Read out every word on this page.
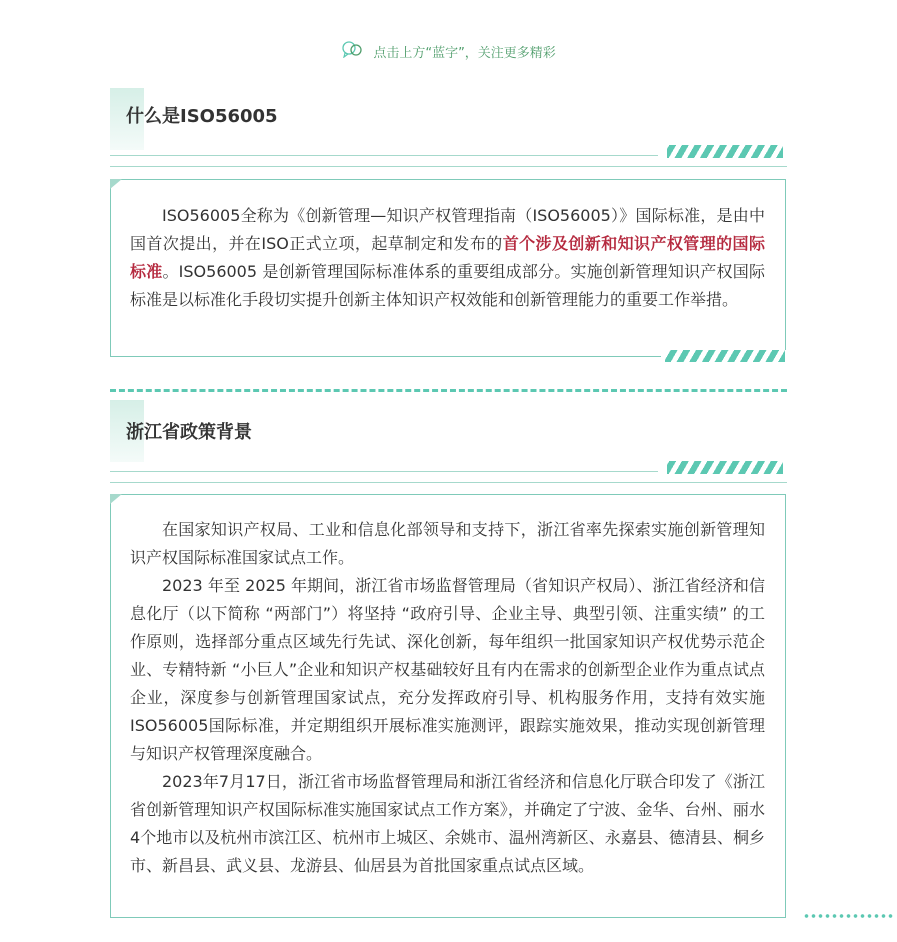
点击上方“蓝字”，关注更多精彩
什么是ISO56005

ISO56005全称为《创新管理—知识产权管理指南（ISO56005）》国际标准，是由中国首次提出，并在ISO正式立项，起草制定和发布的首个涉及创新和知识产权管理的国际标准。ISO56005 是创新管理国际标准体系的重要组成部分。实施创新管理知识产权国际标准是以标准化手段切实提升创新主体知识产权效能和创新管理能力的重要工作举措。

浙江省政策背景

在国家知识产权局、工业和信息化部领导和支持下，浙江省率先探索实施创新管理知识产权国际标准国家试点工作。

2023 年至 2025 年期间，浙江省市场监督管理局（省知识产权局）、浙江省经济和信息化厅（以下简称 “两部门”）将坚持 “政府引导、企业主导、典型引领、注重实绩” 的工作原则，选择部分重点区域先行先试、深化创新，每年组织一批国家知识产权优势示范企业、专精特新 “小巨人”企业和知识产权基础较好且有内在需求的创新型企业作为重点试点企业，深度参与创新管理国家试点，充分发挥政府引导、机构服务作用，支持有效实施 ISO56005国际标准，并定期组织开展标准实施测评，跟踪实施效果，推动实现创新管理与知识产权管理深度融合。

2023年7月17日，浙江省市场监督管理局和浙江省经济和信息化厅联合印发了《浙江省创新管理知识产权国际标准实施国家试点工作方案》，并确定了宁波、金华、台州、丽水4个地市以及杭州市滨江区、杭州市上城区、余姚市、温州湾新区、永嘉县、德清县、桐乡市、新昌县、武义县、龙游县、仙居县为首批国家重点试点区域。
